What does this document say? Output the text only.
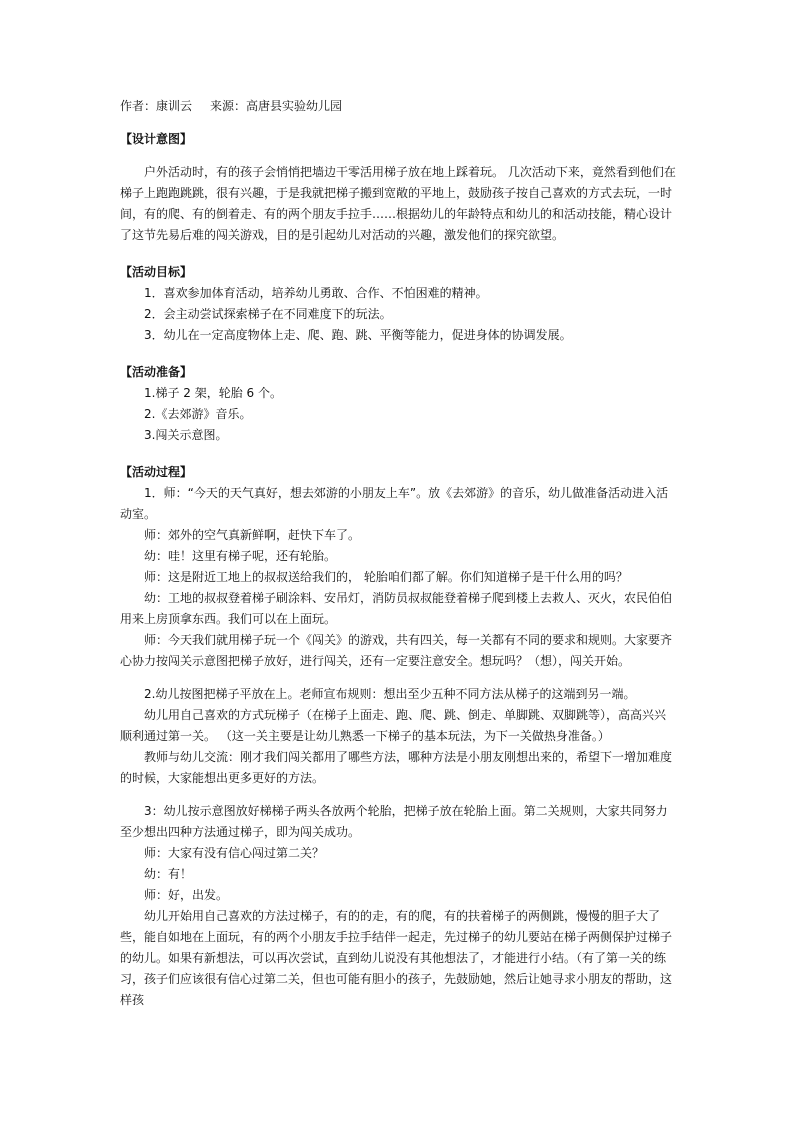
作者：康训云 来源：高唐县实验幼儿园

【设计意图】

户外活动时，有的孩子会悄悄把墙边干零活用梯子放在地上踩着玩。 几次活动下来，竟然看到他们在梯子上跑跑跳跳，很有兴趣，于是我就把梯子搬到宽敞的平地上，鼓励孩子按自己喜欢的方式去玩，一时间，有的爬、有的倒着走、有的两个朋友手拉手……根据幼儿的年龄特点和幼儿的和活动技能，精心设计了这节先易后难的闯关游戏，目的是引起幼儿对活动的兴趣，激发他们的探究欲望。

【活动目标】

1．喜欢参加体育活动，培养幼儿勇敢、合作、不怕困难的精神。

2．会主动尝试探索梯子在不同难度下的玩法。

3．幼儿在一定高度物体上走、爬、跑、跳、平衡等能力，促进身体的协调发展。

【活动准备】

1.梯子 2 架，轮胎 6 个。

2.《去郊游》音乐。

3.闯关示意图。

【活动过程】

1．师：“今天的天气真好，想去郊游的小朋友上车”。放《去郊游》的音乐，幼儿做准备活动进入活动室。

师：郊外的空气真新鲜啊，赶快下车了。

幼：哇！这里有梯子呢，还有轮胎。

师：这是附近工地上的叔叔送给我们的， 轮胎咱们都了解。你们知道梯子是干什么用的吗？

幼：工地的叔叔登着梯子刷涂料、安吊灯，消防员叔叔能登着梯子爬到楼上去救人、灭火，农民伯伯用来上房顶拿东西。我们可以在上面玩。

师：今天我们就用梯子玩一个《闯关》的游戏，共有四关，每一关都有不同的要求和规则。大家要齐心协力按闯关示意图把梯子放好，进行闯关，还有一定要注意安全。想玩吗？（想），闯关开始。

2.幼儿按图把梯子平放在上。老师宣布规则：想出至少五种不同方法从梯子的这端到另一端。

幼儿用自己喜欢的方式玩梯子（在梯子上面走、跑、爬、跳、倒走、单脚跳、双脚跳等），高高兴兴顺利通过第一关。 （这一关主要是让幼儿熟悉一下梯子的基本玩法，为下一关做热身准备。）

教师与幼儿交流：刚才我们闯关都用了哪些方法，哪种方法是小朋友刚想出来的，希望下一增加难度的时候，大家能想出更多更好的方法。

3：幼儿按示意图放好梯梯子两头各放两个轮胎，把梯子放在轮胎上面。第二关规则，大家共同努力至少想出四种方法通过梯子，即为闯关成功。

师：大家有没有信心闯过第二关？

幼：有！

师：好，出发。

幼儿开始用自己喜欢的方法过梯子，有的的走，有的爬，有的扶着梯子的两侧跳，慢慢的胆子大了些，能自如地在上面玩，有的两个小朋友手拉手结伴一起走，先过梯子的幼儿要站在梯子两侧保护过梯子的幼儿。如果有新想法，可以再次尝试，直到幼儿说没有其他想法了，才能进行小结。（有了第一关的练习，孩子们应该很有信心过第二关，但也可能有胆小的孩子，先鼓励她，然后让她寻求小朋友的帮助，这样孩
